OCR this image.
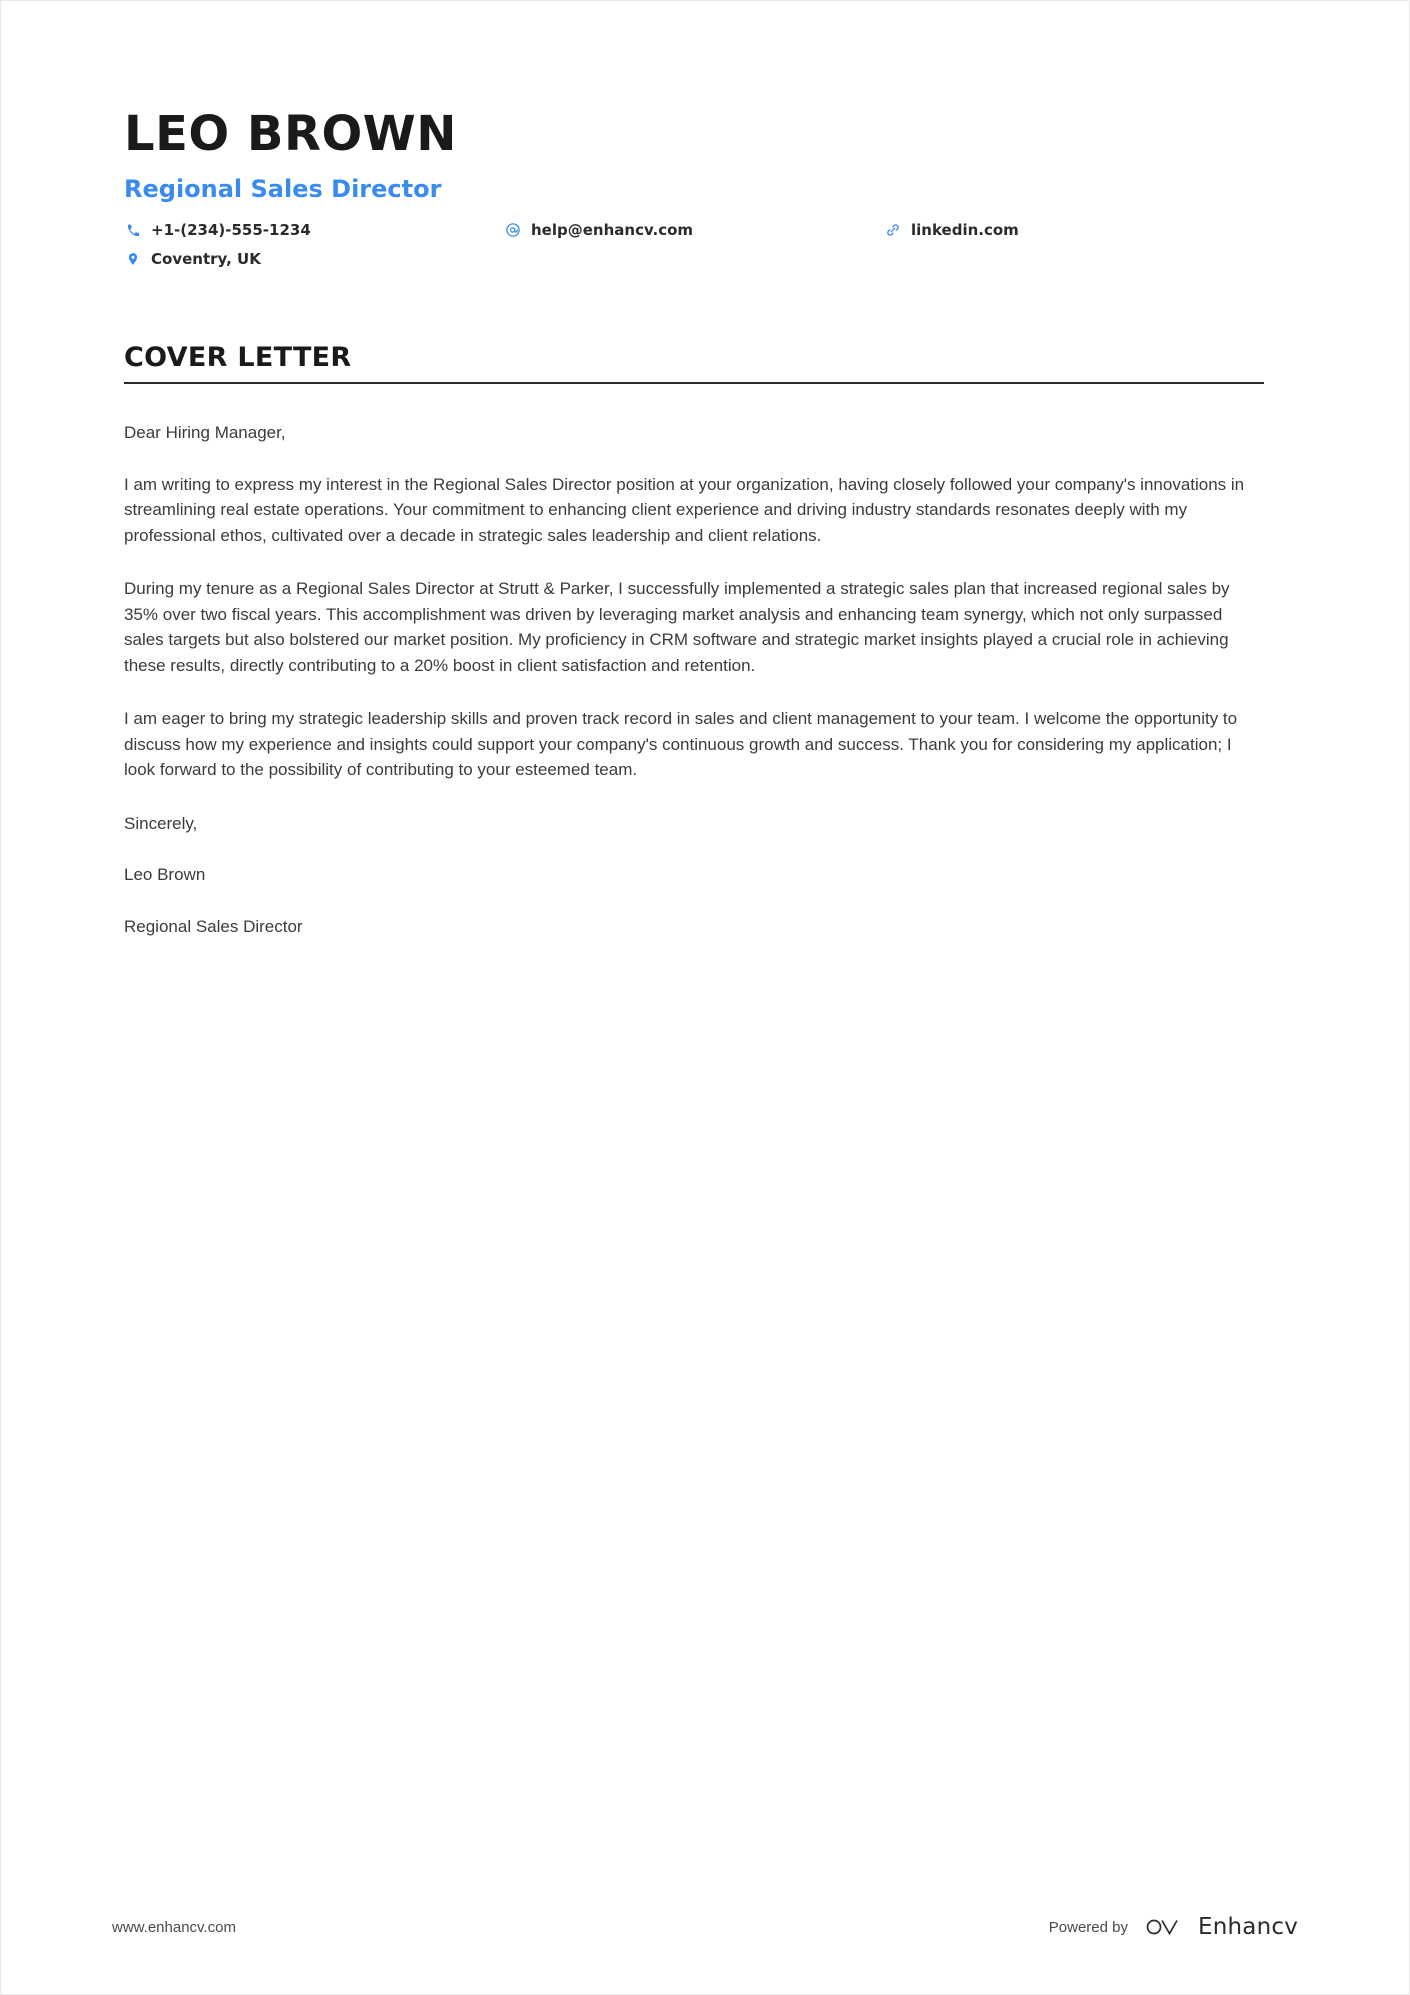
LEO BROWN
Regional Sales Director
+1-(234)-555-1234	help@enhancv.com	linkedin.com
Coventry, UK
COVER LETTER

Dear Hiring Manager,

I am writing to express my interest in the Regional Sales Director position at your organization, having closely followed your company's innovations in streamlining real estate operations. Your commitment to enhancing client experience and driving industry standards resonates deeply with my professional ethos, cultivated over a decade in strategic sales leadership and client relations.

During my tenure as a Regional Sales Director at Strutt & Parker, I successfully implemented a strategic sales plan that increased regional sales by 35% over two fiscal years. This accomplishment was driven by leveraging market analysis and enhancing team synergy, which not only surpassed sales targets but also bolstered our market position. My proficiency in CRM software and strategic market insights played a crucial role in achieving these results, directly contributing to a 20% boost in client satisfaction and retention.

I am eager to bring my strategic leadership skills and proven track record in sales and client management to your team. I welcome the opportunity to discuss how my experience and insights could support your company's continuous growth and success. Thank you for considering my application; I look forward to the possibility of contributing to your esteemed team.

Sincerely,

Leo Brown

Regional Sales Director

www.enhancv.com	Powered by	Enhancv
